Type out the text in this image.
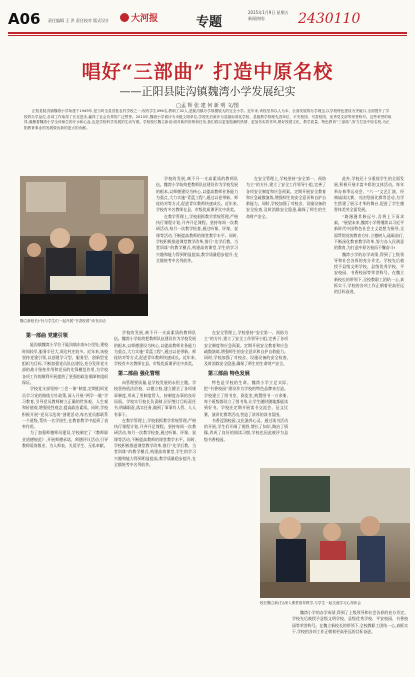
A06 责任编辑 王 洪 责任校对 版式设计	大河报	专题
2015年1月9日 星期五
新闻热线:	2430110
唱好“三部曲” 打造中原名校
——正阳县陡沟镇魏湾小学发展纪实
□孟 辉 张 建 何 新 明 文/图
正阳县陡沟镇魏湾小学始建于1949年,是当时全县首批农村学校之一,现有学生496名,教职工32人,是陡沟镇办学规模较大的完全小学。近年来,该校坚持以人为本、全面发展的办学理念,以学校特色建设为突破口,全面提升了学校的办学品位,各项工作取得了长足进步,赢得了社会各界的广泛赞誉。2015年,魏湾小学被评为市级文明单位,学校先后被评为县级标准化学校、县级教学管理先进单位、平安校园、书香校园、优秀党支部等荣誉称号。这些荣誉的取得,凝聚着魏湾小学全体师生的汗水和心血,也是学校科学发展的生动写照。学校校长魏立新说:面对新的形势和任务,我们将以更加饱满的热情、更加务实的作风,唱好校园文化、教学质量、特色教育“三部曲”,努力打造中原名校,为正阳教育事业的发展做出新的更大的贡献。
魏立新校长(中)与学生们一起开展“书香校园”读书活动
第一部曲 党建引领

陡沟镇魏湾小学位于陡沟镇东南5公里处,建校时间较早,服务半径大,周边村庄较多。近年来,该校坚持党建引领,以创建学习型、服务型、创新型党组织为目标,不断加强党员队伍建设,充分发挥党支部的战斗堡垒作用和党员的先锋模范作用,为学校各项工作的顺利开展提供了坚强的政治保障和组织保证。

学校党支部坚持“三会一课”制度,定期组织党员学习党的路线方针政策,深入开展“两学一做”学习教育,引导党员教师树立正确的世界观、人生观和价值观,增强党性观念,提高政治素质。同时,学校积极开展“党员示范岗”创建活动,每名党员都联系一个班级,帮扶一名学困生,在教育教学中起到了表率作用。

为了加强师德师风建设,学校制定了《教师职业道德规范》,开展师德承诺、师德评议活动,引导教师爱岗敬业、为人师表、关爱学生、无私奉献。

学校的发展,离不开一支高素质的教师队伍。魏湾小学始终把教师队伍建设作为学校发展的根本,以师德建设为核心,以提高教师业务能力为重点,大力实施“青蓝工程”,通过以老带新、师徒结对等方式,促进青年教师快速成长。近年来,学校有多名教师在县、市级优质课评比中获奖。

第二部曲 强化管理

向管理要质量,是学校发展的永恒主题。学校坚持依法治校、以德立校,建立健全了各项规章制度,形成了用制度管人、按制度办事的良好局面。学校实行校长负责制,层层签订目标责任书,明确职责,落实任务,做到了事事有人管、人人有事干。

在教学管理上,学校狠抓教学常规管理,严格执行课程计划,开齐开足课程。坚持每周一次教研活动,每月一次教学检查,通过听课、评课、说课等活动,不断提高教师的课堂教学水平。同时,学校积极推进课堂教学改革,推行“先学后教、当堂训练”的教学模式,构建高效课堂,学生的学习兴趣和能力得到明显提高,教学质量稳步提升,在全镇统考中名列前茅。

学校的发展,离不开一支高素质的教师队伍。魏湾小学始终把教师队伍建设作为学校发展的根本,以师德建设为核心,以提高教师业务能力为重点,大力实施“青蓝工程”,通过以老带新、师徒结对等方式,促进青年教师快速成长。近年来,学校有多名教师在县、市级优质课评比中获奖。

在教学管理上,学校狠抓教学常规管理,严格执行课程计划,开齐开足课程。坚持每周一次教研活动,每月一次教学检查,通过听课、评课、说课等活动,不断提高教师的课堂教学水平。同时,学校积极推进课堂教学改革,推行“先学后教、当堂训练”的教学模式,构建高效课堂,学生的学习兴趣和能力得到明显提高,教学质量稳步提升,在全镇统考中名列前茅。

在安全管理上,学校坚持“安全第一、预防为主”的方针,建立了安全工作领导小组,完善了各项安全制度和应急预案。定期开展安全教育和应急疏散演练,增强师生的安全意识和自护自救能力。同时,学校加强了对校舍、设施设备的安全检查,及时消除安全隐患,确保了师生的生命财产安全。

第三部曲 特色发展

特色是学校的生命。魏湾小学立足实际,把“书香校园”建设作为学校的特色品牌来打造。学校建立了图书室、阅览室,购置图书一万余册,每个班级都设立了图书角,让学生随时随地都能读到好书。学校还定期开展读书交流会、征文比赛、演讲比赛等活动,营造了浓厚的读书氛围。

书香浸润校园,文化滋养心灵。通过读书活动的开展,学生们开阔了视野,增长了知识,陶冶了情操,养成了良好的阅读习惯,学校也因此被评为县级书香校园。

在安全管理上,学校坚持“安全第一、预防为主”的方针,建立了安全工作领导小组,完善了各项安全制度和应急预案。定期开展安全教育和应急疏散演练,增强师生的安全意识和自护自救能力。同时,学校加强了对校舍、设施设备的安全检查,及时消除安全隐患,确保了师生的生命财产安全。

此外,学校还十分重视学生的全面发展,积极开展丰富多彩的文体活动。每年举办春季运动会、“六一”文艺汇演、经典诵读比赛、书法绘画比赛等活动,为学生搭建了展示才华的舞台,促进了学生德智体美劳全面发展。

“路漫漫其修远兮,吾将上下而求索。”展望未来,魏湾小学将继续以习近平新时代中国特色社会主义思想为指导,全面贯彻党的教育方针,立德树人,砥砺前行,不断深化教育教学改革,努力办人民满意的教育,为打造中原名校而不懈奋斗!

魏湾小学的办学成绩,得到了上级领导和社会各界的充分肯定。学校先后被授予县级文明学校、县级优秀学校、平安校园、书香校园等荣誉称号。在魏立新校长的带领下,全校教职工团结一心,真抓实干,学校的各项工作正朝着更高更远的目标奋进。

校长魏立新(右)深入课堂指导教学,与学生一起交流学习心得体会

魏湾小学的办学成绩,得到了上级领导和社会各界的充分肯定。学校先后被授予县级文明学校、县级优秀学校、平安校园、书香校园等荣誉称号。在魏立新校长的带领下,全校教职工团结一心,真抓实干,学校的各项工作正朝着更高更远的目标奋进。
